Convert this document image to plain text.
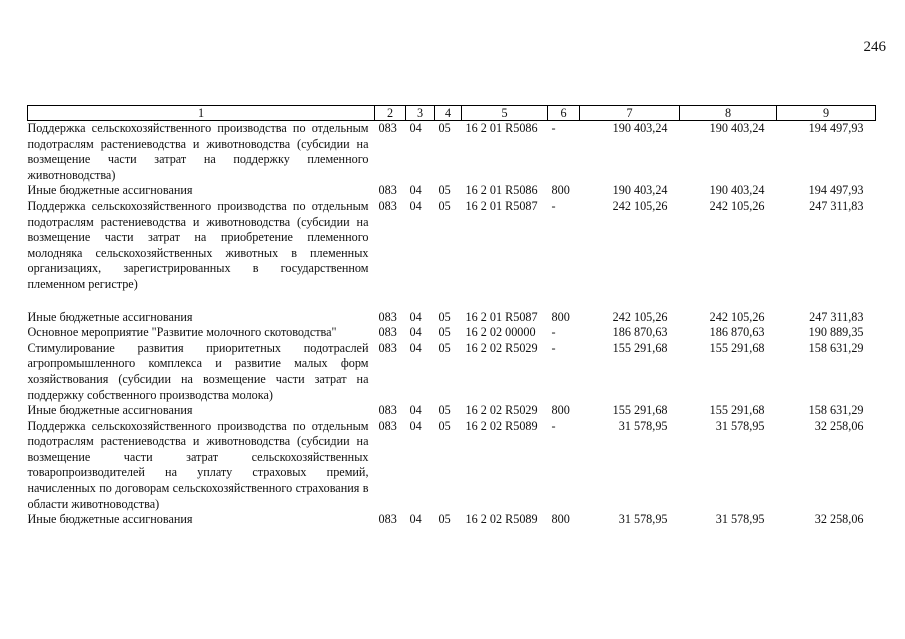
246
1	2	3	4	5	6	7	8	9
Поддержка сельскохозяйственного производства по отдельным подотраслям растениеводства и животноводства (субсидии на возмещение части затрат на поддержку племенного животноводства)	083	04	05	16 2 01 R5086	-	190 403,24	190 403,24	194 497,93
Иные бюджетные ассигнования	083	04	05	16 2 01 R5086	800	190 403,24	190 403,24	194 497,93
Поддержка сельскохозяйственного производства по отдельным подотраслям растениеводства и животноводства (субсидии на возмещение части затрат на приобретение племенного молодняка сельскохозяйственных животных в племенных организациях, зарегистрированных в государственном племенном регистре)	083	04	05	16 2 01 R5087	-	242 105,26	242 105,26	247 311,83
Иные бюджетные ассигнования	083	04	05	16 2 01 R5087	800	242 105,26	242 105,26	247 311,83
Основное мероприятие "Развитие молочного скотоводства"	083	04	05	16 2 02 00000	-	186 870,63	186 870,63	190 889,35
Стимулирование развития приоритетных подотраслей агропромышленного комплекса и развитие малых форм хозяйствования (субсидии на возмещение части затрат на поддержку собственного производства молока)	083	04	05	16 2 02 R5029	-	155 291,68	155 291,68	158 631,29
Иные бюджетные ассигнования	083	04	05	16 2 02 R5029	800	155 291,68	155 291,68	158 631,29
Поддержка сельскохозяйственного производства по отдельным подотраслям растениеводства и животноводства (субсидии на возмещение части затрат сельскохозяйственных товаропроизводителей на уплату страховых премий, начисленных по договорам сельскохозяйственного страхования в области животноводства)	083	04	05	16 2 02 R5089	-	31 578,95	31 578,95	32 258,06
Иные бюджетные ассигнования	083	04	05	16 2 02 R5089	800	31 578,95	31 578,95	32 258,06
